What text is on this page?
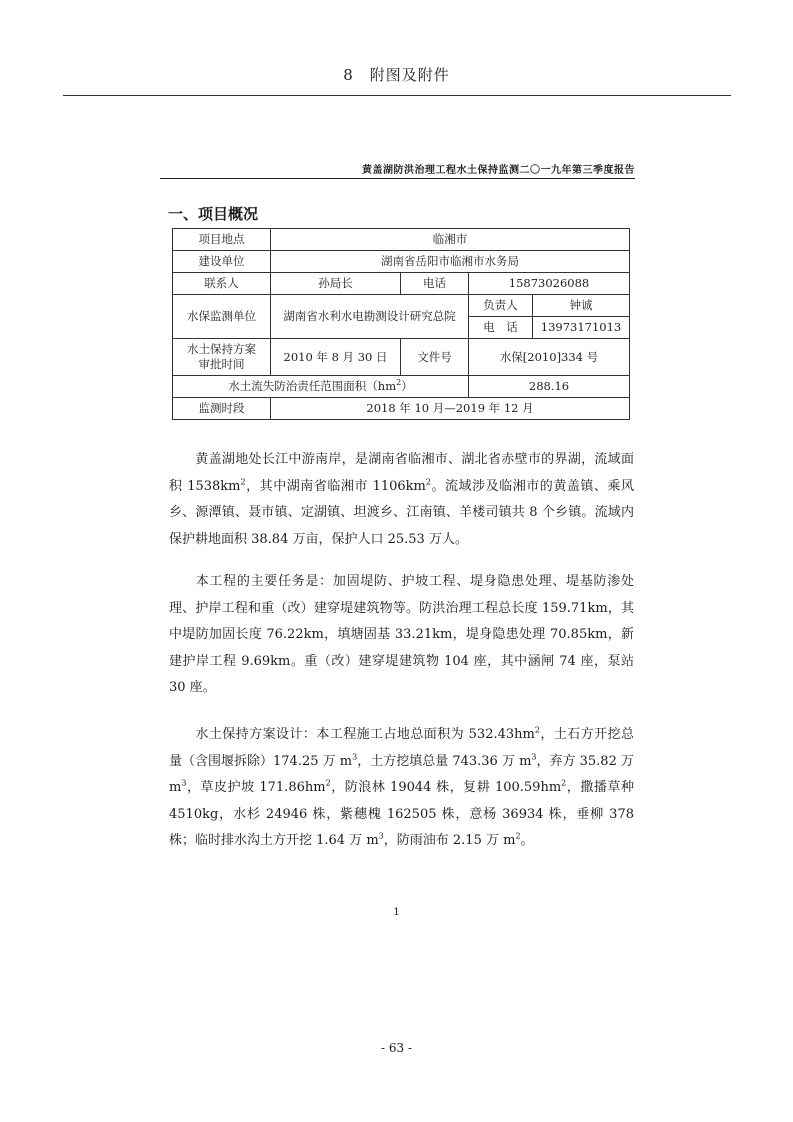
8　附图及附件
黄盖湖防洪治理工程水土保持监测二〇一九年第三季度报告
一、项目概况
项目地点	临湘市			
建设单位	湖南省岳阳市临湘市水务局			
联系人	孙局长	电话	15873026088	
水保监测单位	湖南省水利水电勘测设计研究总院		负责人	钟诚
			电　话	13973171013
水土保持方案
审批时间	2010 年 8 月 30 日	文件号	水保[2010]334 号	
水土流失防治责任范围面积$(hm^2)$			288.16	
监测时段	2018 年 10 月—2019 年 12 月			
黄盖湖地处长江中游南岸，是湖南省临湘市、湖北省赤壁市的界湖，流域面积 $1538km^2$，其中湖南省临湘市 $1106km^2$。流域涉及临湘市的黄盖镇、乘风乡、源潭镇、聂市镇、定湖镇、坦渡乡、江南镇、羊楼司镇共 8 个乡镇。流域内保护耕地面积 38.84 万亩，保护人口 25.53 万人。
本工程的主要任务是：加固堤防、护坡工程、堤身隐患处理、堤基防渗处理、护岸工程和重（改）建穿堤建筑物等。防洪治理工程总长度 159.71km，其中堤防加固长度 76.22km，填塘固基 33.21km，堤身隐患处理 70.85km，新建护岸工程 9.69km。重（改）建穿堤建筑物 104 座，其中涵闸 74 座，泵站 30 座。
水土保持方案设计：本工程施工占地总面积为 $532.43hm^2$，土石方开挖总量（含围堰拆除）174.25 万 $m^3$，土方挖填总量 743.36 万 $m^3$，弃方 35.82 万 $m^3$，草皮护坡 $171.86hm^2$，防浪林 19044 株，复耕 $100.59hm^2$，撒播草种 4510kg，水杉 24946 株，紫穗槐 162505 株，意杨 36934 株，垂柳 378 株；临时排水沟土方开挖 1.64 万 $m^3$，防雨油布 2.15 万 $m^2$。
1
- 63 -
